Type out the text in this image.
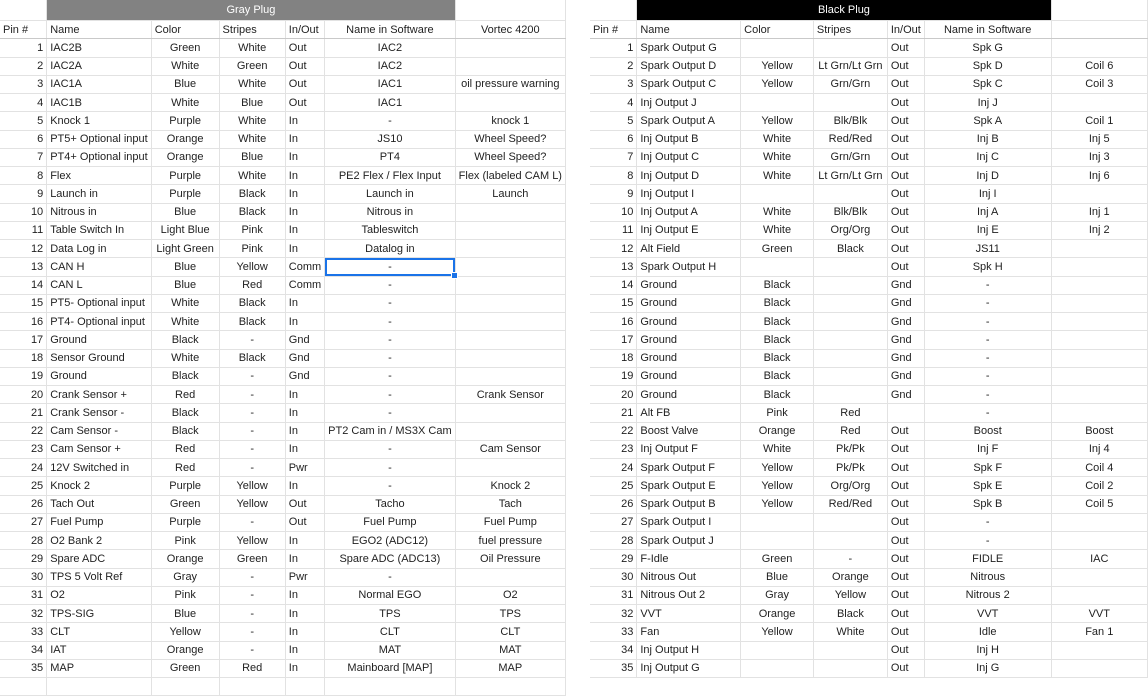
	Gray Plug					
Pin #	Name	Color	Stripes	In/Out	Name in Software	Vortec 4200
1	IAC2B	Green	White	Out	IAC2	
2	IAC2A	White	Green	Out	IAC2	
3	IAC1A	Blue	White	Out	IAC1	oil pressure warning
4	IAC1B	White	Blue	Out	IAC1	
5	Knock 1	Purple	White	In	-	knock 1
6	PT5+ Optional input	Orange	White	In	JS10	Wheel Speed?
7	PT4+ Optional input	Orange	Blue	In	PT4	Wheel Speed?
8	Flex	Purple	White	In	PE2 Flex / Flex Input	Flex (labeled CAM L)
9	Launch in	Purple	Black	In	Launch in	Launch
10	Nitrous in	Blue	Black	In	Nitrous in	
11	Table Switch In	Light Blue	Pink	In	Tableswitch	
12	Data Log in	Light Green	Pink	In	Datalog in	
13	CAN H	Blue	Yellow	Comm	-	
14	CAN L	Blue	Red	Comm	-	
15	PT5- Optional input	White	Black	In	-	
16	PT4- Optional input	White	Black	In	-	
17	Ground	Black	-	Gnd	-	
18	Sensor Ground	White	Black	Gnd	-	
19	Ground	Black	-	Gnd	-	
20	Crank Sensor +	Red	-	In	-	Crank Sensor
21	Crank Sensor -	Black	-	In	-	
22	Cam Sensor -	Black	-	In	PT2 Cam in / MS3X Cam	
23	Cam Sensor +	Red	-	In	-	Cam Sensor
24	12V Switched in	Red	-	Pwr	-	
25	Knock 2	Purple	Yellow	In	-	Knock 2
26	Tach Out	Green	Yellow	Out	Tacho	Tach
27	Fuel Pump	Purple	-	Out	Fuel Pump	Fuel Pump
28	O2 Bank 2	Pink	Yellow	In	EGO2 (ADC12)	fuel pressure
29	Spare ADC	Orange	Green	In	Spare ADC (ADC13)	Oil Pressure
30	TPS 5 Volt Ref	Gray	-	Pwr	-	
31	O2	Pink	-	In	Normal EGO	O2
32	TPS-SIG	Blue	-	In	TPS	TPS
33	CLT	Yellow	-	In	CLT	CLT
34	IAT	Orange	-	In	MAT	MAT
35	MAP	Green	Red	In	Mainboard [MAP]	MAP

	Black Plug					
Pin #	Name	Color	Stripes	In/Out	Name in Software	
1	Spark Output G			Out	Spk G	
2	Spark Output D	Yellow	Lt Grn/Lt Grn	Out	Spk D	Coil 6
3	Spark Output C	Yellow	Grn/Grn	Out	Spk C	Coil 3
4	Inj Output J			Out	Inj J	
5	Spark Output A	Yellow	Blk/Blk	Out	Spk A	Coil 1
6	Inj Output B	White	Red/Red	Out	Inj B	Inj 5
7	Inj Output C	White	Grn/Grn	Out	Inj C	Inj 3
8	Inj Output D	White	Lt Grn/Lt Grn	Out	Inj D	Inj 6
9	Inj Output I			Out	Inj I	
10	Inj Output A	White	Blk/Blk	Out	Inj A	Inj 1
11	Inj Output E	White	Org/Org	Out	Inj E	Inj 2
12	Alt Field	Green	Black	Out	JS11	
13	Spark Output H			Out	Spk H	
14	Ground	Black		Gnd	-	
15	Ground	Black		Gnd	-	
16	Ground	Black		Gnd	-	
17	Ground	Black		Gnd	-	
18	Ground	Black		Gnd	-	
19	Ground	Black		Gnd	-	
20	Ground	Black		Gnd	-	
21	Alt FB	Pink	Red		-	
22	Boost Valve	Orange	Red	Out	Boost	Boost
23	Inj Output F	White	Pk/Pk	Out	Inj F	Inj 4
24	Spark Output F	Yellow	Pk/Pk	Out	Spk F	Coil 4
25	Spark Output E	Yellow	Org/Org	Out	Spk E	Coil 2
26	Spark Output B	Yellow	Red/Red	Out	Spk B	Coil 5
27	Spark Output I			Out	-	
28	Spark Output J			Out	-	
29	F-Idle	Green	-	Out	FIDLE	IAC
30	Nitrous Out	Blue	Orange	Out	Nitrous	
31	Nitrous Out 2	Gray	Yellow	Out	Nitrous 2	
32	VVT	Orange	Black	Out	VVT	VVT
33	Fan	Yellow	White	Out	Idle	Fan 1
34	Inj Output H			Out	Inj H	
35	Inj Output G			Out	Inj G	
